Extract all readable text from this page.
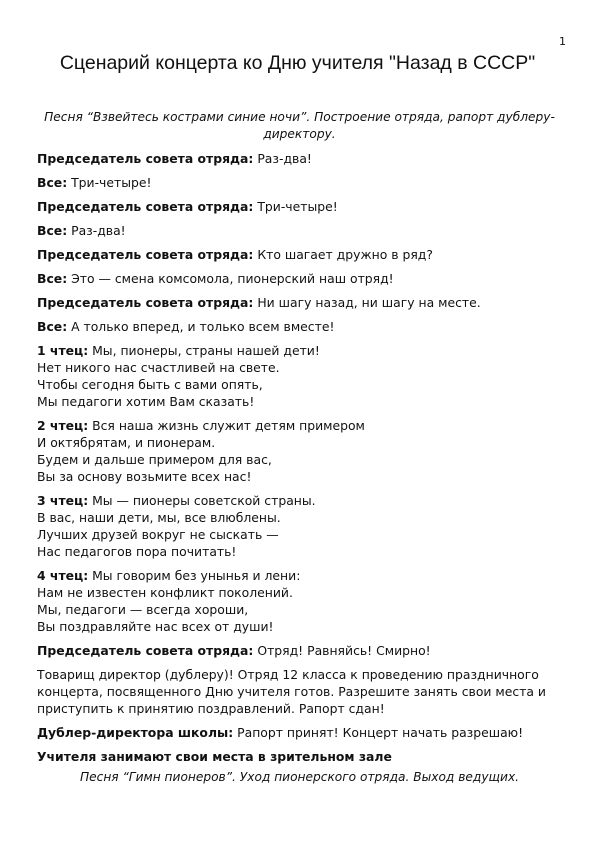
1
Сценарий концерта ко Дню учителя "Назад в СССР"

Песня “Взвейтесь кострами синие ночи”. Построение отряда, рапорт дублеру-директору.

Председатель совета отряда: Раз-два!
Все: Три-четыре!
Председатель совета отряда: Три-четыре!
Все: Раз-два!
Председатель совета отряда: Кто шагает дружно в ряд?
Все: Это — смена комсомола, пионерский наш отряд!
Председатель совета отряда: Ни шагу назад, ни шагу на месте.
Все: А только вперед, и только всем вместе!
1 чтец: Мы, пионеры, страны нашей дети!
Нет никого нас счастливей на свете.
Чтобы сегодня быть с вами опять,
Мы педагоги хотим Вам сказать!
2 чтец: Вся наша жизнь служит детям примером
И октябрятам, и пионерам.
Будем и дальше примером для вас,
Вы за основу возьмите всех нас!
3 чтец: Мы — пионеры советской страны.
В вас, наши дети, мы, все влюблены.
Лучших друзей вокруг не сыскать —
Нас педагогов пора почитать!
4 чтец: Мы говорим без унынья и лени:
Нам не известен конфликт поколений.
Мы, педагоги — всегда хороши,
Вы поздравляйте нас всех от души!
Председатель совета отряда: Отряд! Равняйсь! Смирно!
Товарищ директор (дублеру)! Отряд 12 класса к проведению праздничного
концерта, посвященного Дню учителя готов. Разрешите занять свои места и
приступить к принятию поздравлений. Рапорт сдан!
Дублер-директора школы: Рапорт принят! Концерт начать разрешаю!
Учителя занимают свои места в зрительном зале
Песня “Гимн пионеров”. Уход пионерского отряда. Выход ведущих.
